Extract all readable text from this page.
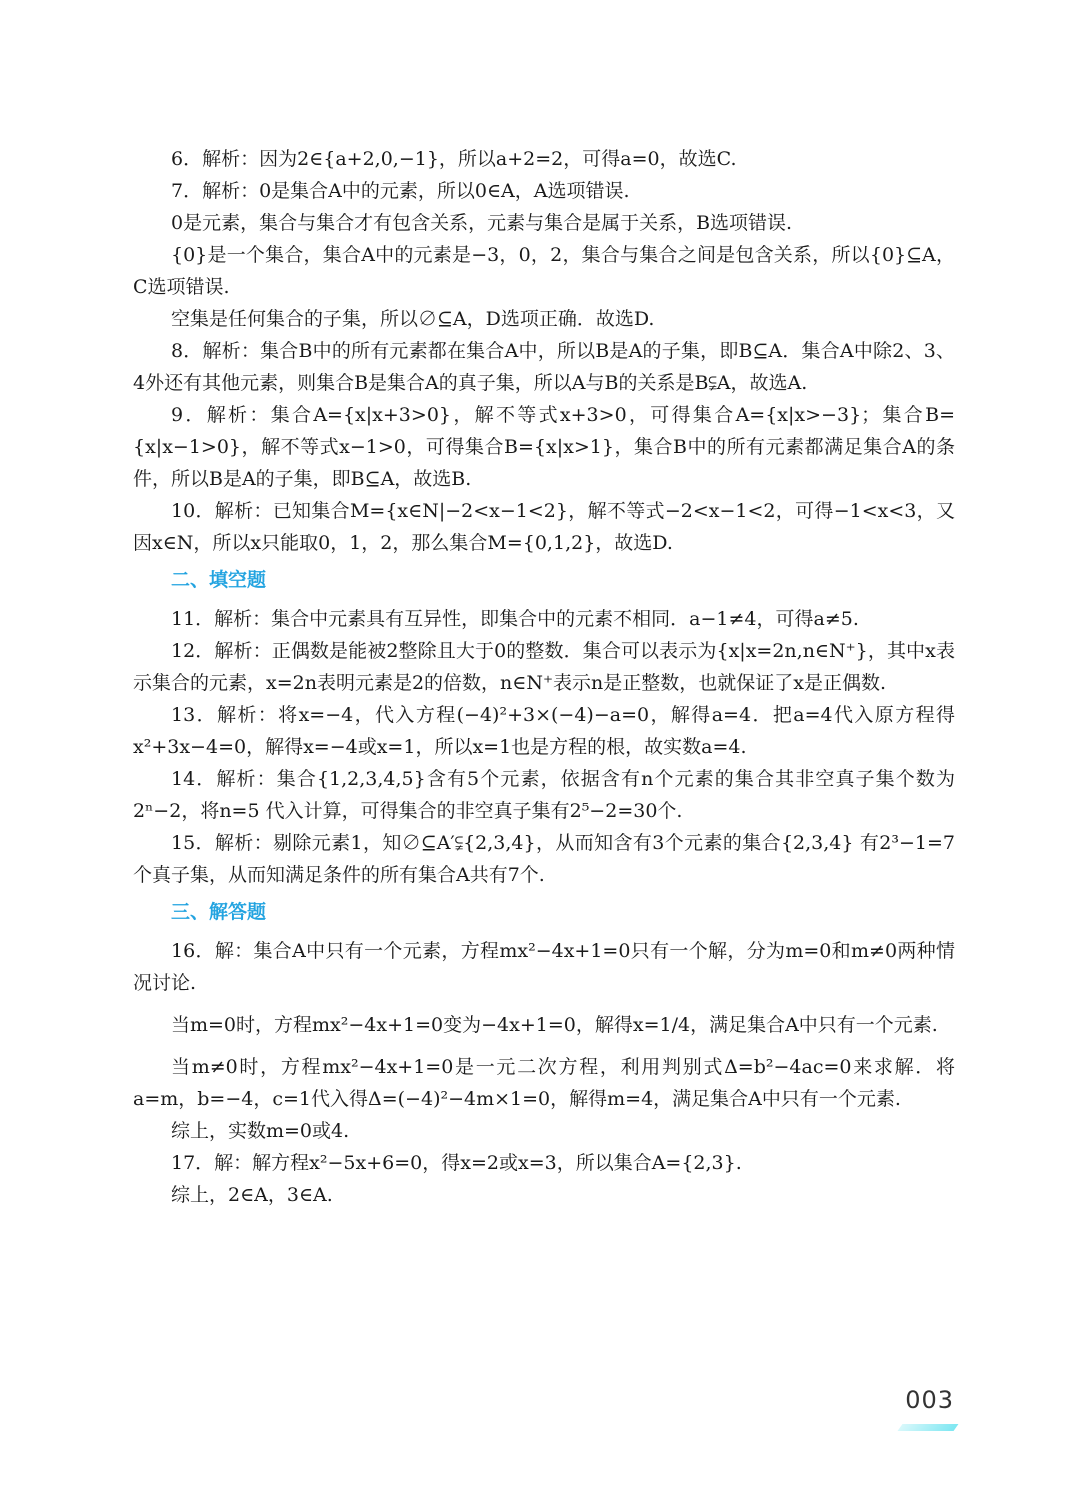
6．解析：因为2∈{a+2,0,−1}，所以a+2=2，可得a=0，故选C.

7．解析：0是集合A中的元素，所以0∈A，A选项错误.

0是元素，集合与集合才有包含关系，元素与集合是属于关系，B选项错误.

{0}是一个集合，集合A中的元素是−3，0，2，集合与集合之间是包含关系，所以{0}⊆A，C选项错误.

空集是任何集合的子集，所以∅⊆A，D选项正确．故选D.

8．解析：集合B中的所有元素都在集合A中，所以B是A的子集，即B⊆A．集合A中除2、3、4外还有其他元素，则集合B是集合A的真子集，所以A与B的关系是B⫋A，故选A.

9．解析：集合A={x|x+3>0}，解不等式x+3>0，可得集合A={x|x>−3}；集合B={x|x−1>0}，解不等式x−1>0，可得集合B={x|x>1}，集合B中的所有元素都满足集合A的条件，所以B是A的子集，即B⊆A，故选B.

10．解析：已知集合M={x∈N|−2<x−1<2}，解不等式−2<x−1<2，可得−1<x<3，又因x∈N，所以x只能取0，1，2，那么集合M={0,1,2}，故选D.

二、填空题

11．解析：集合中元素具有互异性，即集合中的元素不相同．a−1≠4，可得a≠5.

12．解析：正偶数是能被2整除且大于0的整数．集合可以表示为{x|x=2n,n∈N⁺}，其中x表示集合的元素，x=2n表明元素是2的倍数，n∈N⁺表示n是正整数，也就保证了x是正偶数.

13．解析：将x=−4，代入方程(−4)²+3×(−4)−a=0，解得a=4．把a=4代入原方程得x²+3x−4=0，解得x=−4或x=1，所以x=1也是方程的根，故实数a=4.

14．解析：集合{1,2,3,4,5}含有5个元素，依据含有n个元素的集合其非空真子集个数为2ⁿ−2，将n=5 代入计算，可得集合的非空真子集有2⁵−2=30个.

15．解析：剔除元素1，知∅⊆A′⫋{2,3,4}，从而知含有3个元素的集合{2,3,4} 有2³−1=7个真子集，从而知满足条件的所有集合A共有7个.

三、解答题

16．解：集合A中只有一个元素，方程mx²−4x+1=0只有一个解，分为m=0和m≠0两种情况讨论.

当m=0时，方程mx²−4x+1=0变为−4x+1=0，解得x=1/4，满足集合A中只有一个元素.

当m≠0时，方程mx²−4x+1=0是一元二次方程，利用判别式Δ=b²−4ac=0来求解．将a=m，b=−4，c=1代入得Δ=(−4)²−4m×1=0，解得m=4，满足集合A中只有一个元素.

综上，实数m=0或4.

17．解：解方程x²−5x+6=0，得x=2或x=3，所以集合A={2,3}.

综上，2∈A，3∈A.

003
